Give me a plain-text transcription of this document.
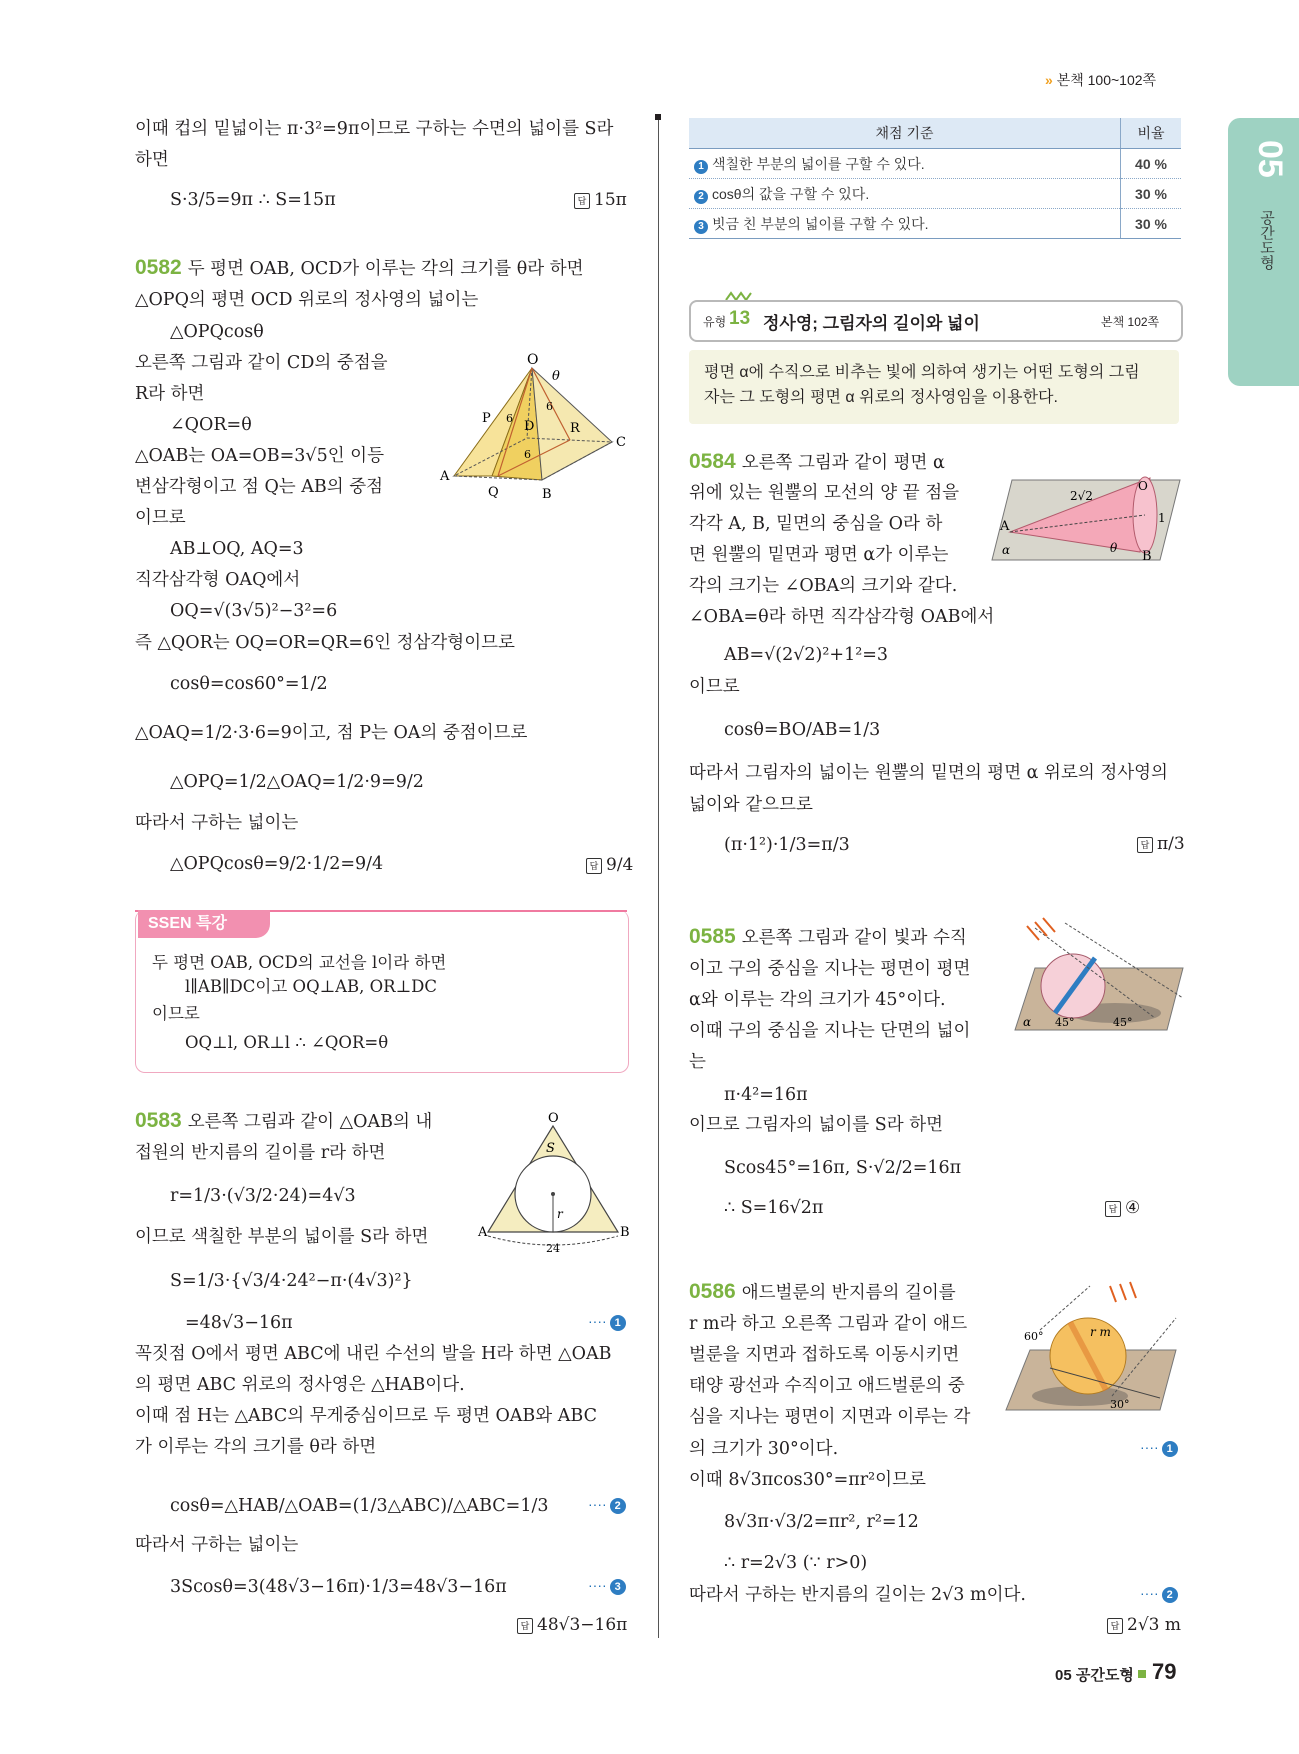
» 본책 100~102쪽
05
공간도형
이때 컵의 밑넓이는 π·3²=9π이므로 구하는 수면의 넓이를 S라
하면
S·3/5=9π ∴ S=15π	답 15π
0582 두 평면 OAB, OCD가 이루는 각의 크기를 θ라 하면
△OPQ의 평면 OCD 위로의 정사영의 넓이는
△OPQcosθ
오른쪽 그림과 같이 CD의 중점을
R라 하면
∠QOR=θ
△OAB는 OA=OB=3√5인 이등
변삼각형이고 점 Q는 AB의 중점
이므로
AB⊥OQ, AQ=3
직각삼각형 OAQ에서
OQ=√(3√5)²−3²=6
즉 △QOR는 OQ=OR=QR=6인 정삼각형이므로
cosθ=cos60°=1/2
△OAQ=1/2·3·6=9이고, 점 P는 OA의 중점이므로
△OPQ=1/2△OAQ=1/2·9=9/2
따라서 구하는 넓이는
△OPQcosθ=9/2·1/2=9/4	답 9/4
O
θ
P
D	R
C
A
Q	B
6
6
6
SSEN 특강
두 평면 OAB, OCD의 교선을 l이라 하면
l∥AB∥DC이고 OQ⊥AB, OR⊥DC
이므로
OQ⊥l, OR⊥l ∴ ∠QOR=θ
0583 오른쪽 그림과 같이 △OAB의 내
접원의 반지름의 길이를 r라 하면
r=1/3·(√3/2·24)=4√3
이므로 색칠한 부분의 넓이를 S라 하면
S=1/3·{√3/4·24²−π·(4√3)²}
=48√3−16π	···· 1
꼭짓점 O에서 평면 ABC에 내린 수선의 발을 H라 하면 △OAB
의 평면 ABC 위로의 정사영은 △HAB이다.
이때 점 H는 △ABC의 무게중심이므로 두 평면 OAB와 ABC
가 이루는 각의 크기를 θ라 하면
cosθ=△HAB/△OAB=(1/3△ABC)/△ABC=1/3	···· 2
따라서 구하는 넓이는
3Scosθ=3(48√3−16π)·1/3=48√3−16π	···· 3
답 48√3−16π
O
S
r
A	B
24
채점 기준	비율
1 색칠한 부분의 넓이를 구할 수 있다.	40 %
2 cosθ의 값을 구할 수 있다.	30 %
3 빗금 친 부분의 넓이를 구할 수 있다.	30 %
유형 13 정사영; 그림자의 길이와 넓이	본책 102쪽
평면 α에 수직으로 비추는 빛에 의하여 생기는 어떤 도형의 그림
자는 그 도형의 평면 α 위로의 정사영임을 이용한다.
0584 오른쪽 그림과 같이 평면 α
위에 있는 원뿔의 모선의 양 끝 점을
각각 A, B, 밑면의 중심을 O라 하
면 원뿔의 밑면과 평면 α가 이루는
각의 크기는 ∠OBA의 크기와 같다.
∠OBA=θ라 하면 직각삼각형 OAB에서
AB=√(2√2)²+1²=3
이므로
cosθ=BO/AB=1/3
따라서 그림자의 넓이는 원뿔의 밑면의 평면 α 위로의 정사영의
넓이와 같으므로
(π·1²)·1/3=π/3	답 π/3
2√2
O
1
A
θ
B
α
0585 오른쪽 그림과 같이 빛과 수직
이고 구의 중심을 지나는 평면이 평면
α와 이루는 각의 크기가 45°이다.
이때 구의 중심을 지나는 단면의 넓이
는
π·4²=16π
이므로 그림자의 넓이를 S라 하면
Scos45°=16π, S·√2/2=16π
∴ S=16√2π	답 ④
α 45°	45°
0586 애드벌룬의 반지름의 길이를
r m라 하고 오른쪽 그림과 같이 애드
벌룬을 지면과 접하도록 이동시키면
태양 광선과 수직이고 애드벌룬의 중
심을 지나는 평면이 지면과 이루는 각
의 크기가 30°이다.	···· 1
이때 8√3πcos30°=πr²이므로
8√3π·√3/2=πr², r²=12
∴ r=2√3 (∵ r>0)
따라서 구하는 반지름의 길이는 2√3 m이다.	···· 2
답 2√3 m
r m
60°
30°
05 공간도형 79
